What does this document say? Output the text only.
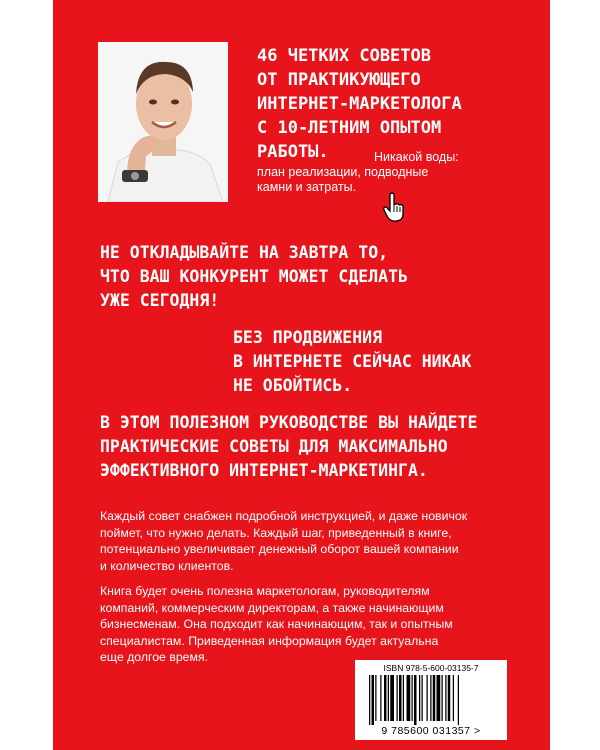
46 ЧЕТКИХ СОВЕТОВ
ОТ ПРАКТИКУЮЩЕГО
ИНТЕРНЕТ-МАРКЕТОЛОГА
С 10-ЛЕТНИМ ОПЫТОМ
РАБОТЫ.	Никакой воды:
план реализации, подводные
камни и затраты.
НЕ ОТКЛАДЫВАЙТЕ НА ЗАВТРА ТО,
ЧТО ВАШ КОНКУРЕНТ МОЖЕТ СДЕЛАТЬ
УЖЕ СЕГОДНЯ!
БЕЗ ПРОДВИЖЕНИЯ
В ИНТЕРНЕТЕ СЕЙЧАС НИКАК
НЕ ОБОЙТИСЬ.
В ЭТОМ ПОЛЕЗНОМ РУКОВОДСТВЕ ВЫ НАЙДЕТЕ
ПРАКТИЧЕСКИЕ СОВЕТЫ ДЛЯ МАКСИМАЛЬНО
ЭФФЕКТИВНОГО ИНТЕРНЕТ-МАРКЕТИНГА.
Каждый совет снабжен подробной инструкцией, и даже новичок
поймет, что нужно делать. Каждый шаг, приведенный в книге,
потенциально увеличивает денежный оборот вашей компании
и количество клиентов.
Книга будет очень полезна маркетологам, руководителям
компаний, коммерческим директорам, а также начинающим
бизнесменам. Она подходит как начинающим, так и опытным
специалистам. Приведенная информация будет актуальна
еще долгое время.
ISBN 978-5-600-03135-7
9 785600 031357 >
